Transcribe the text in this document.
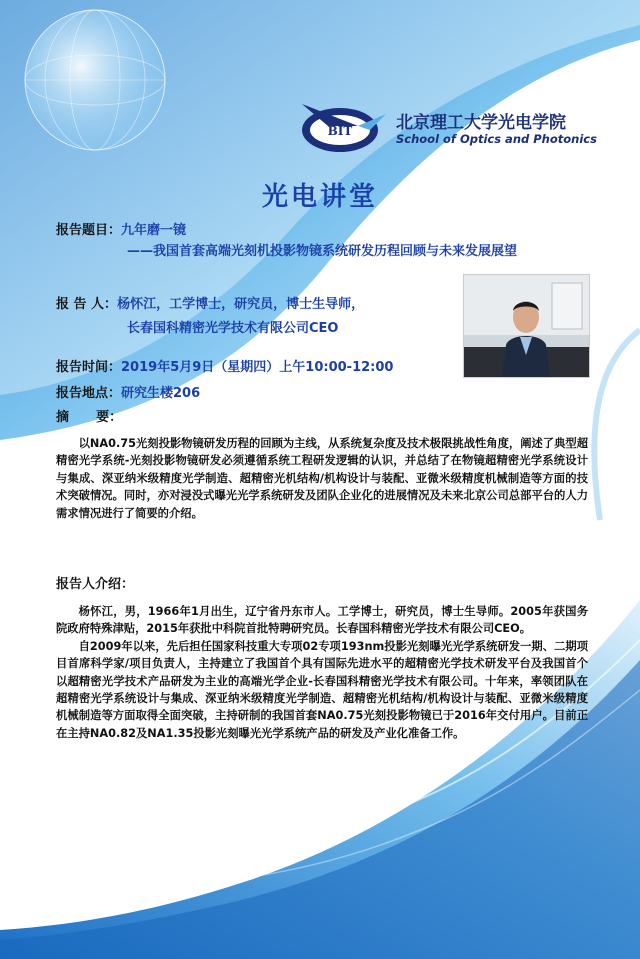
BIT	北京理工大学光电学院
School of Optics and Photonics
光电讲堂
报告题目：九年磨一镜
——我国首套高端光刻机投影物镜系统研发历程回顾与未来发展展望
报 告 人：杨怀江，工学博士，研究员，博士生导师，
长春国科精密光学技术有限公司CEO
报告时间：2019年5月9日（星期四）上午10:00-12:00
报告地点：研究生楼206
摘      要：

以NA0.75光刻投影物镜研发历程的回顾为主线，从系统复杂度及技术极限挑战性角度，阐述了典型超精密光学系统-光刻投影物镜研发必须遵循系统工程研发逻辑的认识，并总结了在物镜超精密光学系统设计与集成、深亚纳米级精度光学制造、超精密光机结构/机构设计与装配、亚微米级精度机械制造等方面的技术突破情况。同时，亦对浸没式曝光光学系统研发及团队企业化的进展情况及未来北京公司总部平台的人力需求情况进行了简要的介绍。

报告人介绍：

杨怀江，男，1966年1月出生，辽宁省丹东市人。工学博士，研究员，博士生导师。2005年获国务院政府特殊津贴，2015年获批中科院首批特聘研究员。长春国科精密光学技术有限公司CEO。

自2009年以来，先后担任国家科技重大专项02专项193nm投影光刻曝光光学系统研发一期、二期项目首席科学家/项目负责人，主持建立了我国首个具有国际先进水平的超精密光学技术研发平台及我国首个以超精密光学技术产品研发为主业的高端光学企业-长春国科精密光学技术有限公司。十年来，率领团队在超精密光学系统设计与集成、深亚纳米级精度光学制造、超精密光机结构/机构设计与装配、亚微米级精度机械制造等方面取得全面突破，主持研制的我国首套NA0.75光刻投影物镜已于2016年交付用户。目前正在主持NA0.82及NA1.35投影光刻曝光光学系统产品的研发及产业化准备工作。
